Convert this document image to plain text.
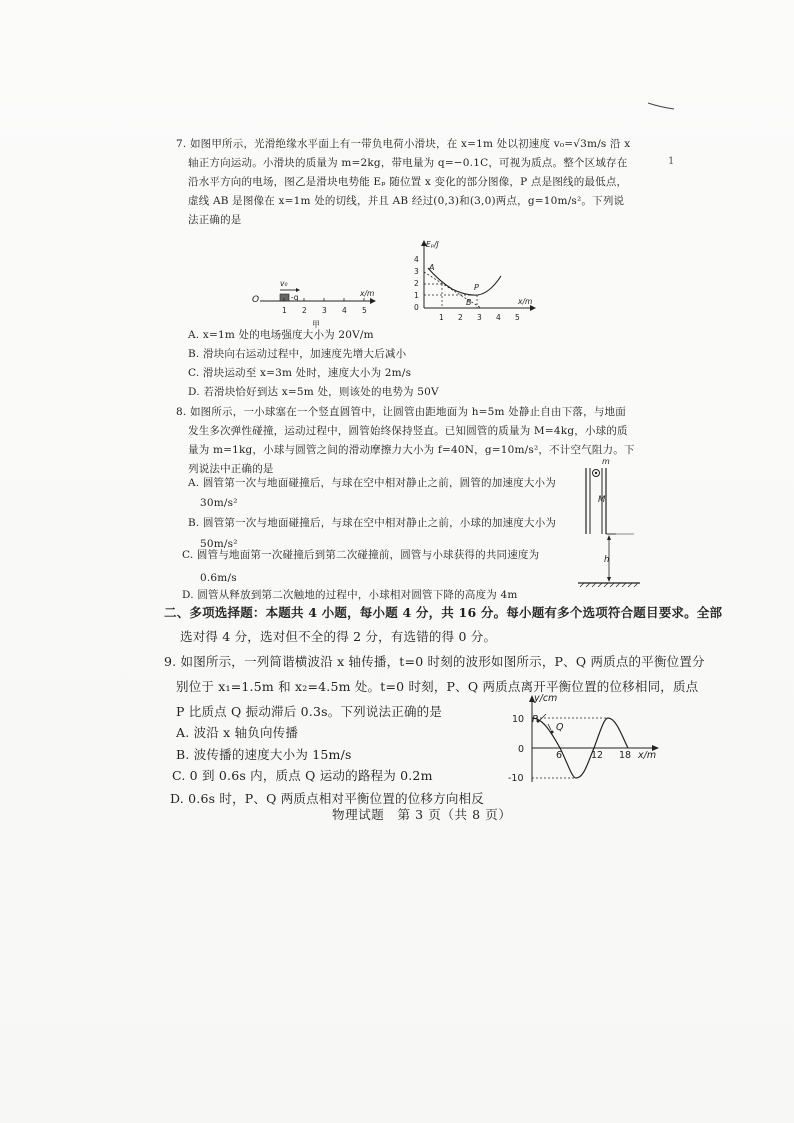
1
7. 如图甲所示，光滑绝缘水平面上有一带负电荷小滑块，在 x=1m 处以初速度 v₀=√3m/s 沿 x
轴正方向运动。小滑块的质量为 m=2kg，带电量为 q=−0.1C，可视为质点。整个区域存在
沿水平方向的电场，图乙是滑块电势能 Eₚ 随位置 x 变化的部分图像，P 点是图线的最低点，
虚线 AB 是图像在 x=1m 处的切线，并且 AB 经过(0,3)和(3,0)两点，g=10m/s²。下列说
法正确的是
O
x/m
v₀
-q
1 2 3 4 5
甲
Eₚ/J
x/m
4
3
2
1
0
1 2 3 4 5
A
B
P
A. x=1m 处的电场强度大小为 20V/m
B. 滑块向右运动过程中，加速度先增大后减小
C. 滑块运动至 x=3m 处时，速度大小为 2m/s
D. 若滑块恰好到达 x=5m 处，则该处的电势为 50V
8. 如图所示，一小球塞在一个竖直圆管中，让圆管由距地面为 h=5m 处静止自由下落，与地面
发生多次弹性碰撞，运动过程中，圆管始终保持竖直。已知圆管的质量为 M=4kg，小球的质
量为 m=1kg，小球与圆管之间的滑动摩擦力大小为 f=40N，g=10m/s²，不计空气阻力。下
列说法中正确的是
A. 圆管第一次与地面碰撞后，与球在空中相对静止之前，圆管的加速度大小为
30m/s²
B. 圆管第一次与地面碰撞后，与球在空中相对静止之前，小球的加速度大小为
50m/s²
C. 圆管与地面第一次碰撞后到第二次碰撞前，圆管与小球获得的共同速度为
0.6m/s
D. 圆管从释放到第二次触地的过程中，小球相对圆管下降的高度为 4m
m
M
h
二、多项选择题：本题共 4 小题，每小题 4 分，共 16 分。每小题有多个选项符合题目要求。全部
选对得 4 分，选对但不全的得 2 分，有选错的得 0 分。
9. 如图所示，一列简谐横波沿 x 轴传播，t=0 时刻的波形如图所示，P、Q 两质点的平衡位置分
别位于 x₁=1.5m 和 x₂=4.5m 处。t=0 时刻，P、Q 两质点离开平衡位置的位移相同，质点
P 比质点 Q 振动滞后 0.3s。下列说法正确的是
A. 波沿 x 轴负向传播
B. 波传播的速度大小为 15m/s
C. 0 到 0.6s 内，质点 Q 运动的路程为 0.2m
D. 0.6s 时，P、Q 两质点相对平衡位置的位移方向相反
y/cm
x/m
10
0
-10
6	12 18
P
Q
物理试题　第 3 页（共 8 页）
